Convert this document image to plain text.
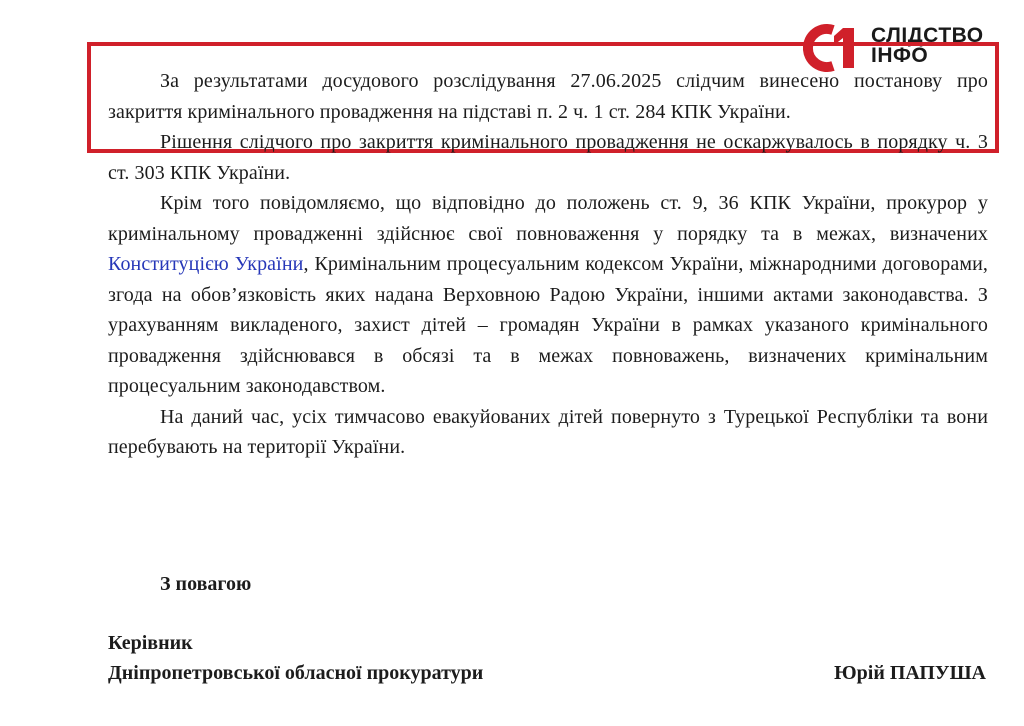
СЛІДСТВО
ІНФО

За результатами досудового розслідування 27.06.2025 слідчим винесено постанову про закриття кримінального провадження на підставі п. 2 ч. 1 ст. 284 КПК України.

Рішення слідчого про закриття кримінального провадження не оскаржувалось в порядку ч. 3 ст. 303 КПК України.

Крім того повідомляємо, що відповідно до положень ст. 9, 36 КПК України, прокурор у кримінальному провадженні здійснює свої повноваження у порядку та в межах, визначених Конституцією України, Кримінальним процесуальним кодексом України, міжнародними договорами, згода на обов’язковість яких надана Верховною Радою України, іншими актами законодавства. З урахуванням викладеного, захист дітей – громадян України в рамках указаного кримінального провадження здійснювався в обсязі та в межах повноважень, визначених кримінальним процесуальним законодавством.

На даний час, усіх тимчасово евакуйованих дітей повернуто з Турецької Республіки та вони перебувають на території України.

З повагою
Керівник
Дніпропетровської обласної прокуратури	Юрій ПАПУША
